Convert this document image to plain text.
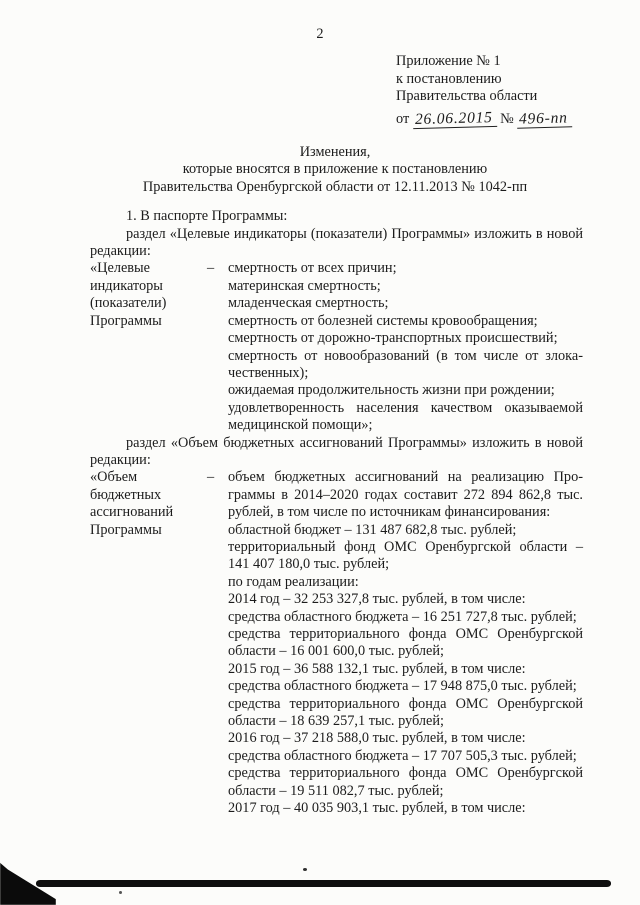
2
Приложение № 1
к постановлению
Правительства области
от 26.06.2015 № 496-пп
Изменения,
которые вносятся в приложение к постановлению
Правительства Оренбургской области от 12.11.2013 № 1042-пп

1. В паспорте Программы:

раздел «Целевые индикаторы (показатели) Программы» изложить в новой редакции:

«Целевые
индикаторы
(показатели)
Программы
– смертность от всех причин;

материнская смертность;

младенческая смертность;

смертность от болезней системы кровообращения;

смертность от дорожно-транспортных происшествий;

смертность от новообразований (в том числе от злокачественных);

ожидаемая продолжительность жизни при рождении;

удовлетворенность населения качеством оказываемой медицинской помощи»;

раздел «Объем бюджетных ассигнований Программы» изложить в новой редакции:

«Объем
бюджетных
ассигнований
Программы
– объем бюджетных ассигнований на реализацию Программы в 2014–2020 годах составит 272 894 862,8 тыс. рублей, в том числе по источникам финансирования:

областной бюджет – 131 487 682,8 тыс. рублей;

территориальный фонд ОМС Оренбургской области – 141 407 180,0 тыс. рублей;

по годам реализации:

2014 год – 32 253 327,8 тыс. рублей, в том числе:

средства областного бюджета – 16 251 727,8 тыс. рублей;

средства территориального фонда ОМС Оренбургской области – 16 001 600,0 тыс. рублей;

2015 год – 36 588 132,1 тыс. рублей, в том числе:

средства областного бюджета – 17 948 875,0 тыс. рублей;

средства территориального фонда ОМС Оренбургской области – 18 639 257,1 тыс. рублей;

2016 год – 37 218 588,0 тыс. рублей, в том числе:

средства областного бюджета – 17 707 505,3 тыс. рублей;

средства территориального фонда ОМС Оренбургской области – 19 511 082,7 тыс. рублей;

2017 год – 40 035 903,1 тыс. рублей, в том числе:
